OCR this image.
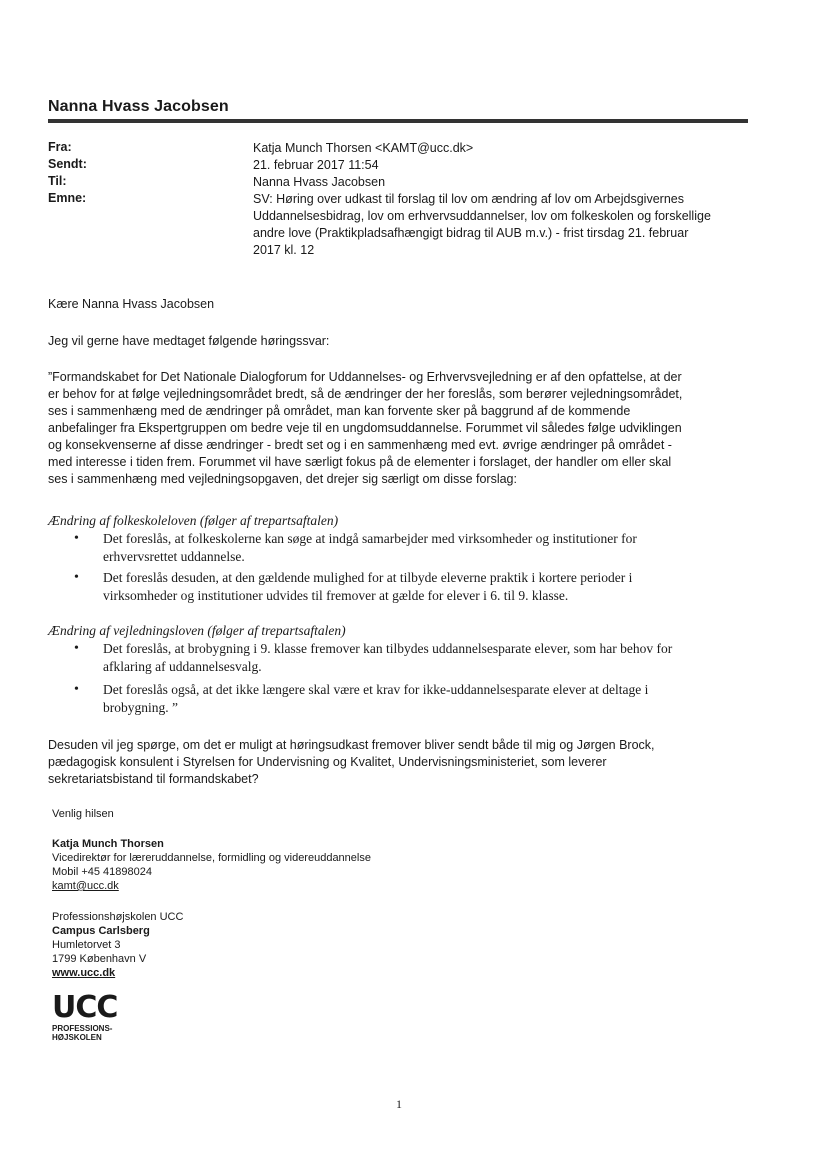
Nanna Hvass Jacobsen
Fra:	Katja Munch Thorsen <KAMT@ucc.dk>
Sendt:	21. februar 2017 11:54
Til:	Nanna Hvass Jacobsen
Emne:	SV: Høring over udkast til forslag til lov om ændring af lov om Arbejdsgivernes
Uddannelsesbidrag, lov om erhvervsuddannelser, lov om folkeskolen og forskellige
andre love (Praktikpladsafhængigt bidrag til AUB m.v.) - frist tirsdag 21. februar
2017 kl. 12
Kære Nanna Hvass Jacobsen
Jeg vil gerne have medtaget følgende høringssvar:
”Formandskabet for Det Nationale Dialogforum for Uddannelses- og Erhvervsvejledning er af den opfattelse, at der
er behov for at følge vejledningsområdet bredt, så de ændringer der her foreslås, som berører vejledningsområdet,
ses i sammenhæng med de ændringer på området, man kan forvente sker på baggrund af de kommende
anbefalinger fra Ekspertgruppen om bedre veje til en ungdomsuddannelse. Forummet vil således følge udviklingen
og konsekvenserne af disse ændringer - bredt set og i en sammenhæng med evt. øvrige ændringer på området -
med interesse i tiden frem. Forummet vil have særligt fokus på de elementer i forslaget, der handler om eller skal
ses i sammenhæng med vejledningsopgaven, det drejer sig særligt om disse forslag:
Ændring af folkeskoleloven (følger af trepartsaftalen)
• Det foreslås, at folkeskolerne kan søge at indgå samarbejder med virksomheder og institutioner for
erhvervsrettet uddannelse.
• Det foreslås desuden, at den gældende mulighed for at tilbyde eleverne praktik i kortere perioder i
virksomheder og institutioner udvides til fremover at gælde for elever i 6. til 9. klasse.
Ændring af vejledningsloven (følger af trepartsaftalen)
• Det foreslås, at brobygning i 9. klasse fremover kan tilbydes uddannelsesparate elever, som har behov for
afklaring af uddannelsesvalg.
• Det foreslås også, at det ikke længere skal være et krav for ikke-uddannelsesparate elever at deltage i
brobygning. ”
Desuden vil jeg spørge, om det er muligt at høringsudkast fremover bliver sendt både til mig og Jørgen Brock,
pædagogisk konsulent i Styrelsen for Undervisning og Kvalitet, Undervisningsministeriet, som leverer
sekretariatsbistand til formandskabet?
Venlig hilsen
Katja Munch Thorsen
Vicedirektør for læreruddannelse, formidling og videreuddannelse
Mobil +45 41898024
kamt@ucc.dk
Professionshøjskolen UCC
Campus Carlsberg
Humletorvet 3
1799 København V
www.ucc.dk
UCC
PROFESSIONS-
HØJSKOLEN
1
